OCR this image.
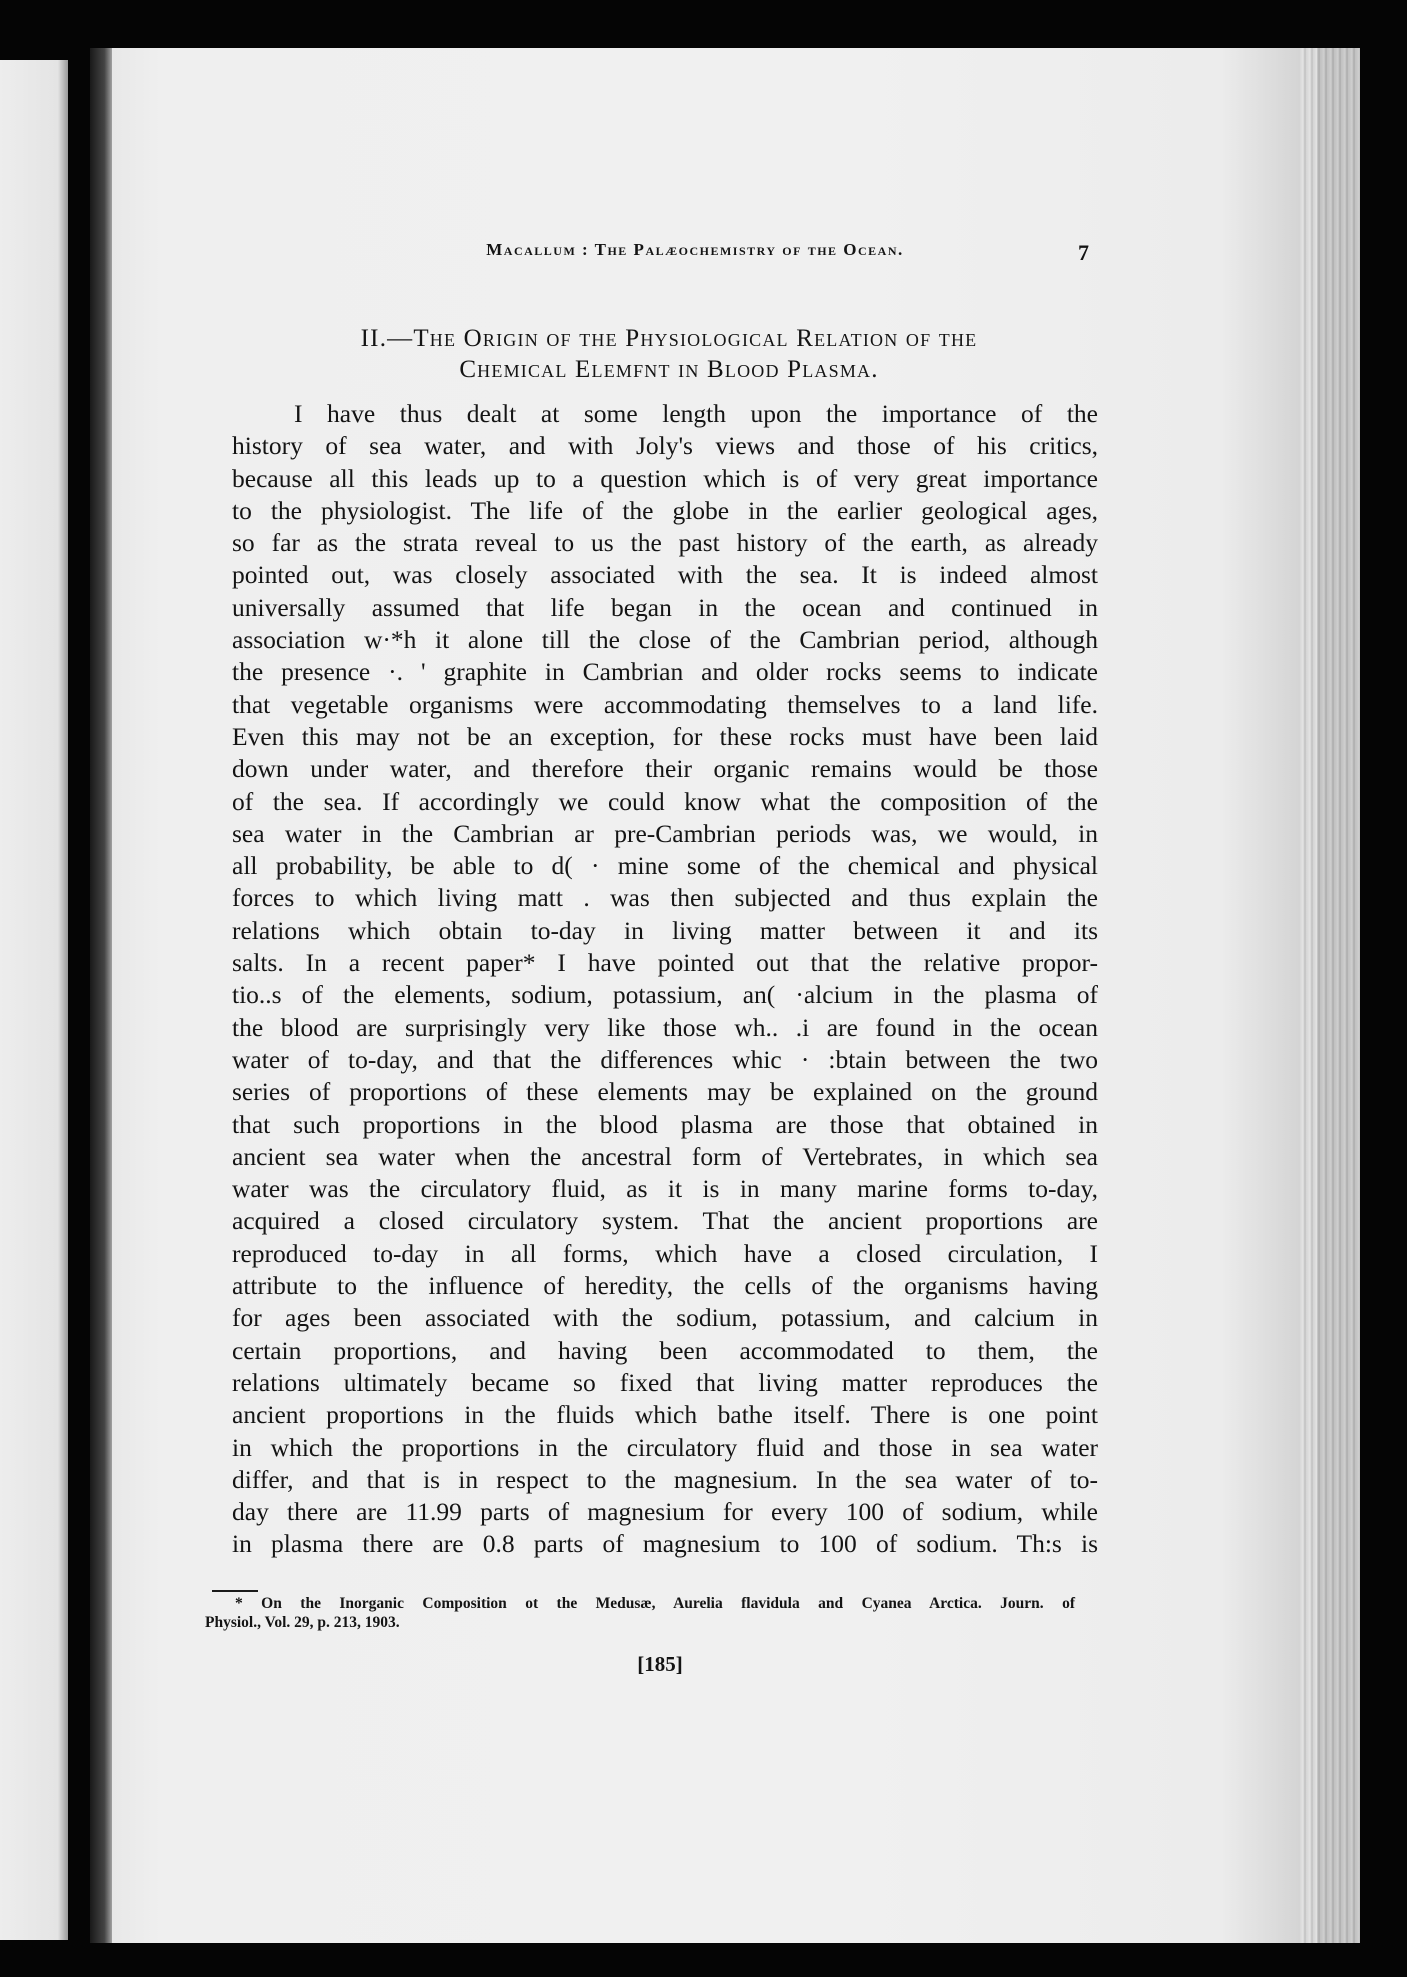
Macallum : The Palæochemistry of the Ocean.	7
II.—The Origin of the Physiological Relation of the
Chemical Elemfnt in Blood Plasma.
I have thus dealt at some length upon the importance of the
history of sea water, and with Joly's views and those of his critics,
because all this leads up to a question which is of very great importance
to the physiologist. The life of the globe in the earlier geological ages,
so far as the strata reveal to us the past history of the earth, as already
pointed out, was closely associated with the sea. It is indeed almost
universally assumed that life began in the ocean and continued in
association w·*h it alone till the close of the Cambrian period, although
the presence ·. ' graphite in Cambrian and older rocks seems to indicate
that vegetable organisms were accommodating themselves to a land life.
Even this may not be an exception, for these rocks must have been laid
down under water, and therefore their organic remains would be those
of the sea. If accordingly we could know what the composition of the
sea water in the Cambrian ar pre-Cambrian periods was, we would, in
all probability, be able to d( · mine some of the chemical and physical
forces to which living matt . was then subjected and thus explain the
relations which obtain to-day in living matter between it and its
salts. In a recent paper* I have pointed out that the relative propor-
tio..s of the elements, sodium, potassium, an( ·alcium in the plasma of
the blood are surprisingly very like those wh.. .i are found in the ocean
water of to-day, and that the differences whic · :btain between the two
series of proportions of these elements may be explained on the ground
that such proportions in the blood plasma are those that obtained in
ancient sea water when the ancestral form of Vertebrates, in which sea
water was the circulatory fluid, as it is in many marine forms to-day,
acquired a closed circulatory system. That the ancient proportions are
reproduced to-day in all forms, which have a closed circulation, I
attribute to the influence of heredity, the cells of the organisms having
for ages been associated with the sodium, potassium, and calcium in
certain proportions, and having been accommodated to them, the
relations ultimately became so fixed that living matter reproduces the
ancient proportions in the fluids which bathe itself. There is one point
in which the proportions in the circulatory fluid and those in sea water
differ, and that is in respect to the magnesium. In the sea water of to-
day there are 11.99 parts of magnesium for every 100 of sodium, while
in plasma there are 0.8 parts of magnesium to 100 of sodium. Th:s is
* On the Inorganic Composition ot the Medusæ, Aurelia flavidula and Cyanea Arctica. Journ. of
Physiol., Vol. 29, p. 213, 1903.
[185]
